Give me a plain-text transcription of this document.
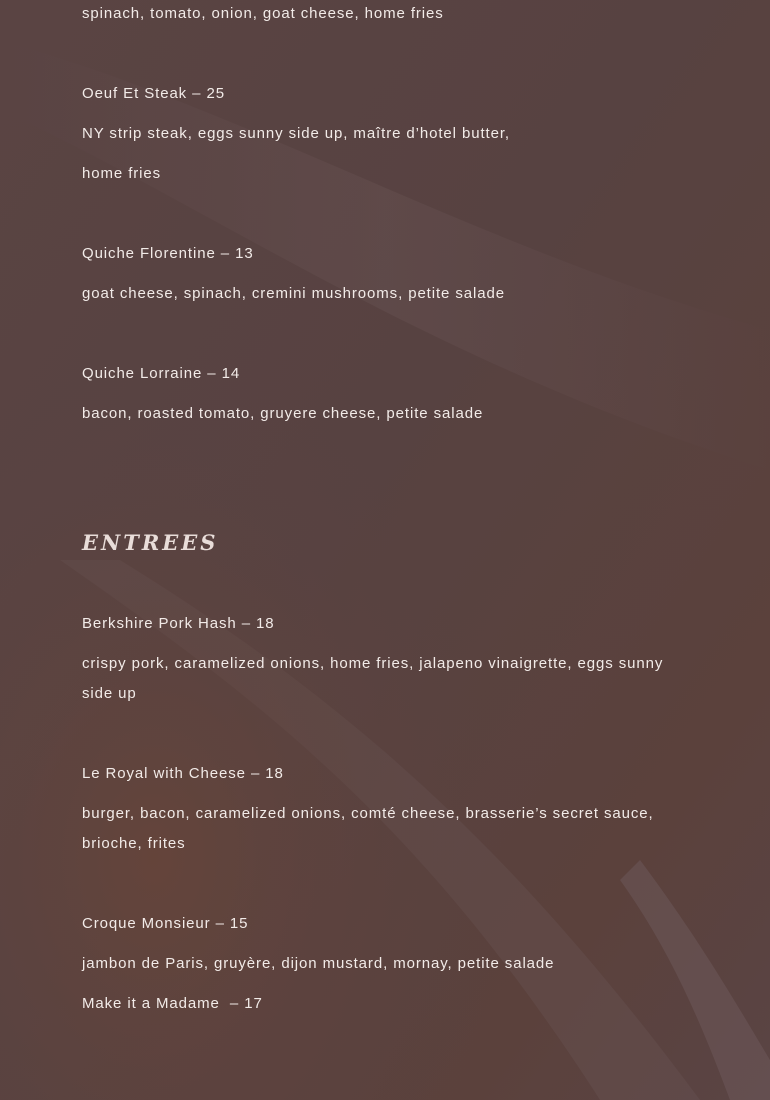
spinach, tomato, onion, goat cheese, home fries

Oeuf Et Steak – 25

NY strip steak, eggs sunny side up, maître d’hotel butter,

home fries

Quiche Florentine – 13

goat cheese, spinach, cremini mushrooms, petite salade

Quiche Lorraine – 14

bacon, roasted tomato, gruyere cheese, petite salade

ENTREES

Berkshire Pork Hash – 18

crispy pork, caramelized onions, home fries, jalapeno vinaigrette, eggs sunny side up

Le Royal with Cheese – 18

burger, bacon, caramelized onions, comté cheese, brasserie’s secret sauce, brioche, frites

Croque Monsieur – 15

jambon de Paris, gruyère, dijon mustard, mornay, petite salade

Make it a Madame  – 17
